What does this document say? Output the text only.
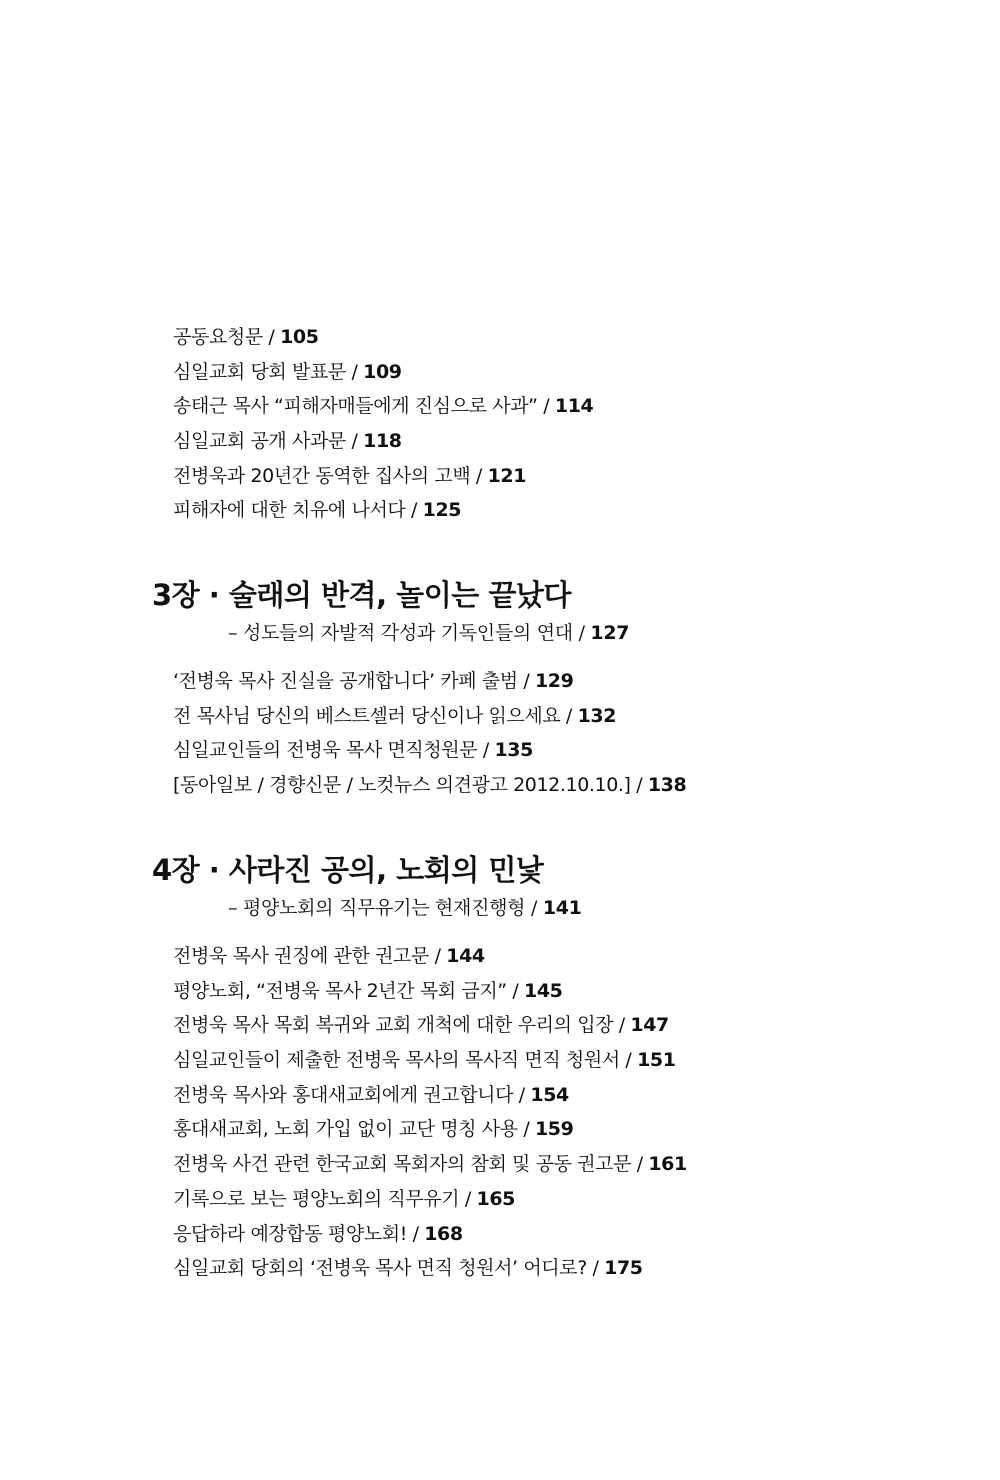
공동요청문 / 105
심일교회 당회 발표문 / 109
송태근 목사 “피해자매들에게 진심으로 사과” / 114
심일교회 공개 사과문 / 118
전병욱과 20년간 동역한 집사의 고백 / 121
피해자에 대한 치유에 나서다 / 125
3장 · 술래의 반격, 놀이는 끝났다
– 성도들의 자발적 각성과 기독인들의 연대 / 127
‘전병욱 목사 진실을 공개합니다’ 카페 출범 / 129
전 목사님 당신의 베스트셀러 당신이나 읽으세요 / 132
심일교인들의 전병욱 목사 면직청원문 / 135
[동아일보 / 경향신문 / 노컷뉴스 의견광고 2012.10.10.] / 138
4장 · 사라진 공의, 노회의 민낯
– 평양노회의 직무유기는 현재진행형 / 141
전병욱 목사 권징에 관한 권고문 / 144
평양노회, “전병욱 목사 2년간 목회 금지” / 145
전병욱 목사 목회 복귀와 교회 개척에 대한 우리의 입장 / 147
심일교인들이 제출한 전병욱 목사의 목사직 면직 청원서 / 151
전병욱 목사와 홍대새교회에게 권고합니다 / 154
홍대새교회, 노회 가입 없이 교단 명칭 사용 / 159
전병욱 사건 관련 한국교회 목회자의 참회 및 공동 권고문 / 161
기록으로 보는 평양노회의 직무유기 / 165
응답하라 예장합동 평양노회! / 168
심일교회 당회의 ‘전병욱 목사 면직 청원서’ 어디로? / 175
